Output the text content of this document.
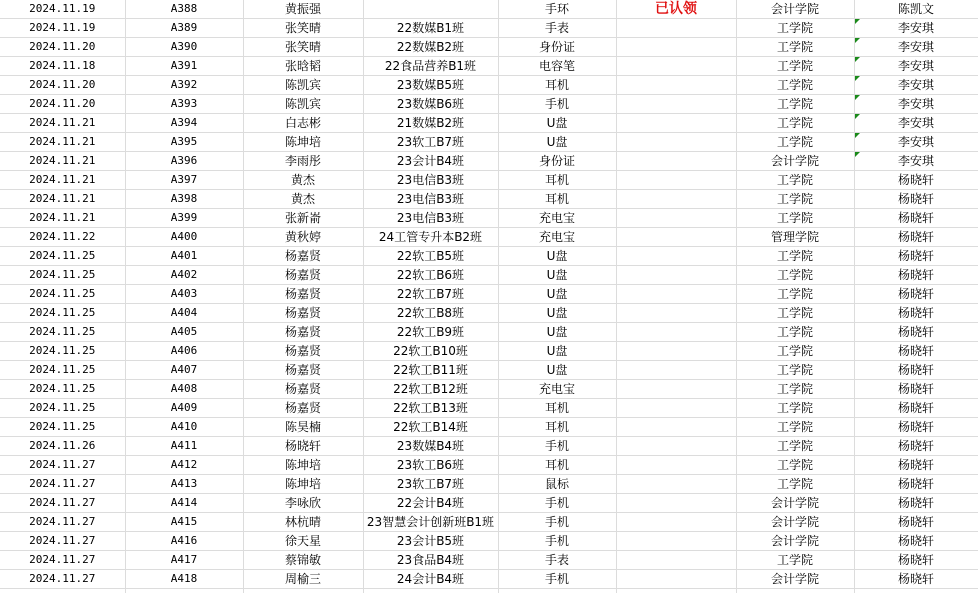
2024.11.19	A388	黄振强		手环	已认领	会计学院	陈凯文
2024.11.19	A389	张笑晴	22数媒B1班	手表		工学院	李安琪
2024.11.20	A390	张笑晴	22数媒B2班	身份证		工学院	李安琪
2024.11.18	A391	张晗韬	22食品营养B1班	电容笔		工学院	李安琪
2024.11.20	A392	陈凯宾	23数媒B5班	耳机		工学院	李安琪
2024.11.20	A393	陈凯宾	23数媒B6班	手机		工学院	李安琪
2024.11.21	A394	白志彬	21数媒B2班	U盘		工学院	李安琪
2024.11.21	A395	陈坤培	23软工B7班	U盘		工学院	李安琪
2024.11.21	A396	李雨彤	23会计B4班	身份证		会计学院	李安琪
2024.11.21	A397	黄杰	23电信B3班	耳机		工学院	杨晓轩
2024.11.21	A398	黄杰	23电信B3班	耳机		工学院	杨晓轩
2024.11.21	A399	张新嵛	23电信B3班	充电宝		工学院	杨晓轩
2024.11.22	A400	黄秋婷	24工管专升本B2班	充电宝		管理学院	杨晓轩
2024.11.25	A401	杨嘉贤	22软工B5班	U盘		工学院	杨晓轩
2024.11.25	A402	杨嘉贤	22软工B6班	U盘		工学院	杨晓轩
2024.11.25	A403	杨嘉贤	22软工B7班	U盘		工学院	杨晓轩
2024.11.25	A404	杨嘉贤	22软工B8班	U盘		工学院	杨晓轩
2024.11.25	A405	杨嘉贤	22软工B9班	U盘		工学院	杨晓轩
2024.11.25	A406	杨嘉贤	22软工B10班	U盘		工学院	杨晓轩
2024.11.25	A407	杨嘉贤	22软工B11班	U盘		工学院	杨晓轩
2024.11.25	A408	杨嘉贤	22软工B12班	充电宝		工学院	杨晓轩
2024.11.25	A409	杨嘉贤	22软工B13班	耳机		工学院	杨晓轩
2024.11.25	A410	陈昊楠	22软工B14班	耳机		工学院	杨晓轩
2024.11.26	A411	杨晓轩	23数媒B4班	手机		工学院	杨晓轩
2024.11.27	A412	陈坤培	23软工B6班	耳机		工学院	杨晓轩
2024.11.27	A413	陈坤培	23软工B7班	鼠标		工学院	杨晓轩
2024.11.27	A414	李咏欣	22会计B4班	手机		会计学院	杨晓轩
2024.11.27	A415	林杭晴	23智慧会计创新班B1班	手机		会计学院	杨晓轩
2024.11.27	A416	徐天星	23会计B5班	手机		会计学院	杨晓轩
2024.11.27	A417	蔡锦敏	23食品B4班	手表		工学院	杨晓轩
2024.11.27	A418	周榆三	24会计B4班	手机		会计学院	杨晓轩
